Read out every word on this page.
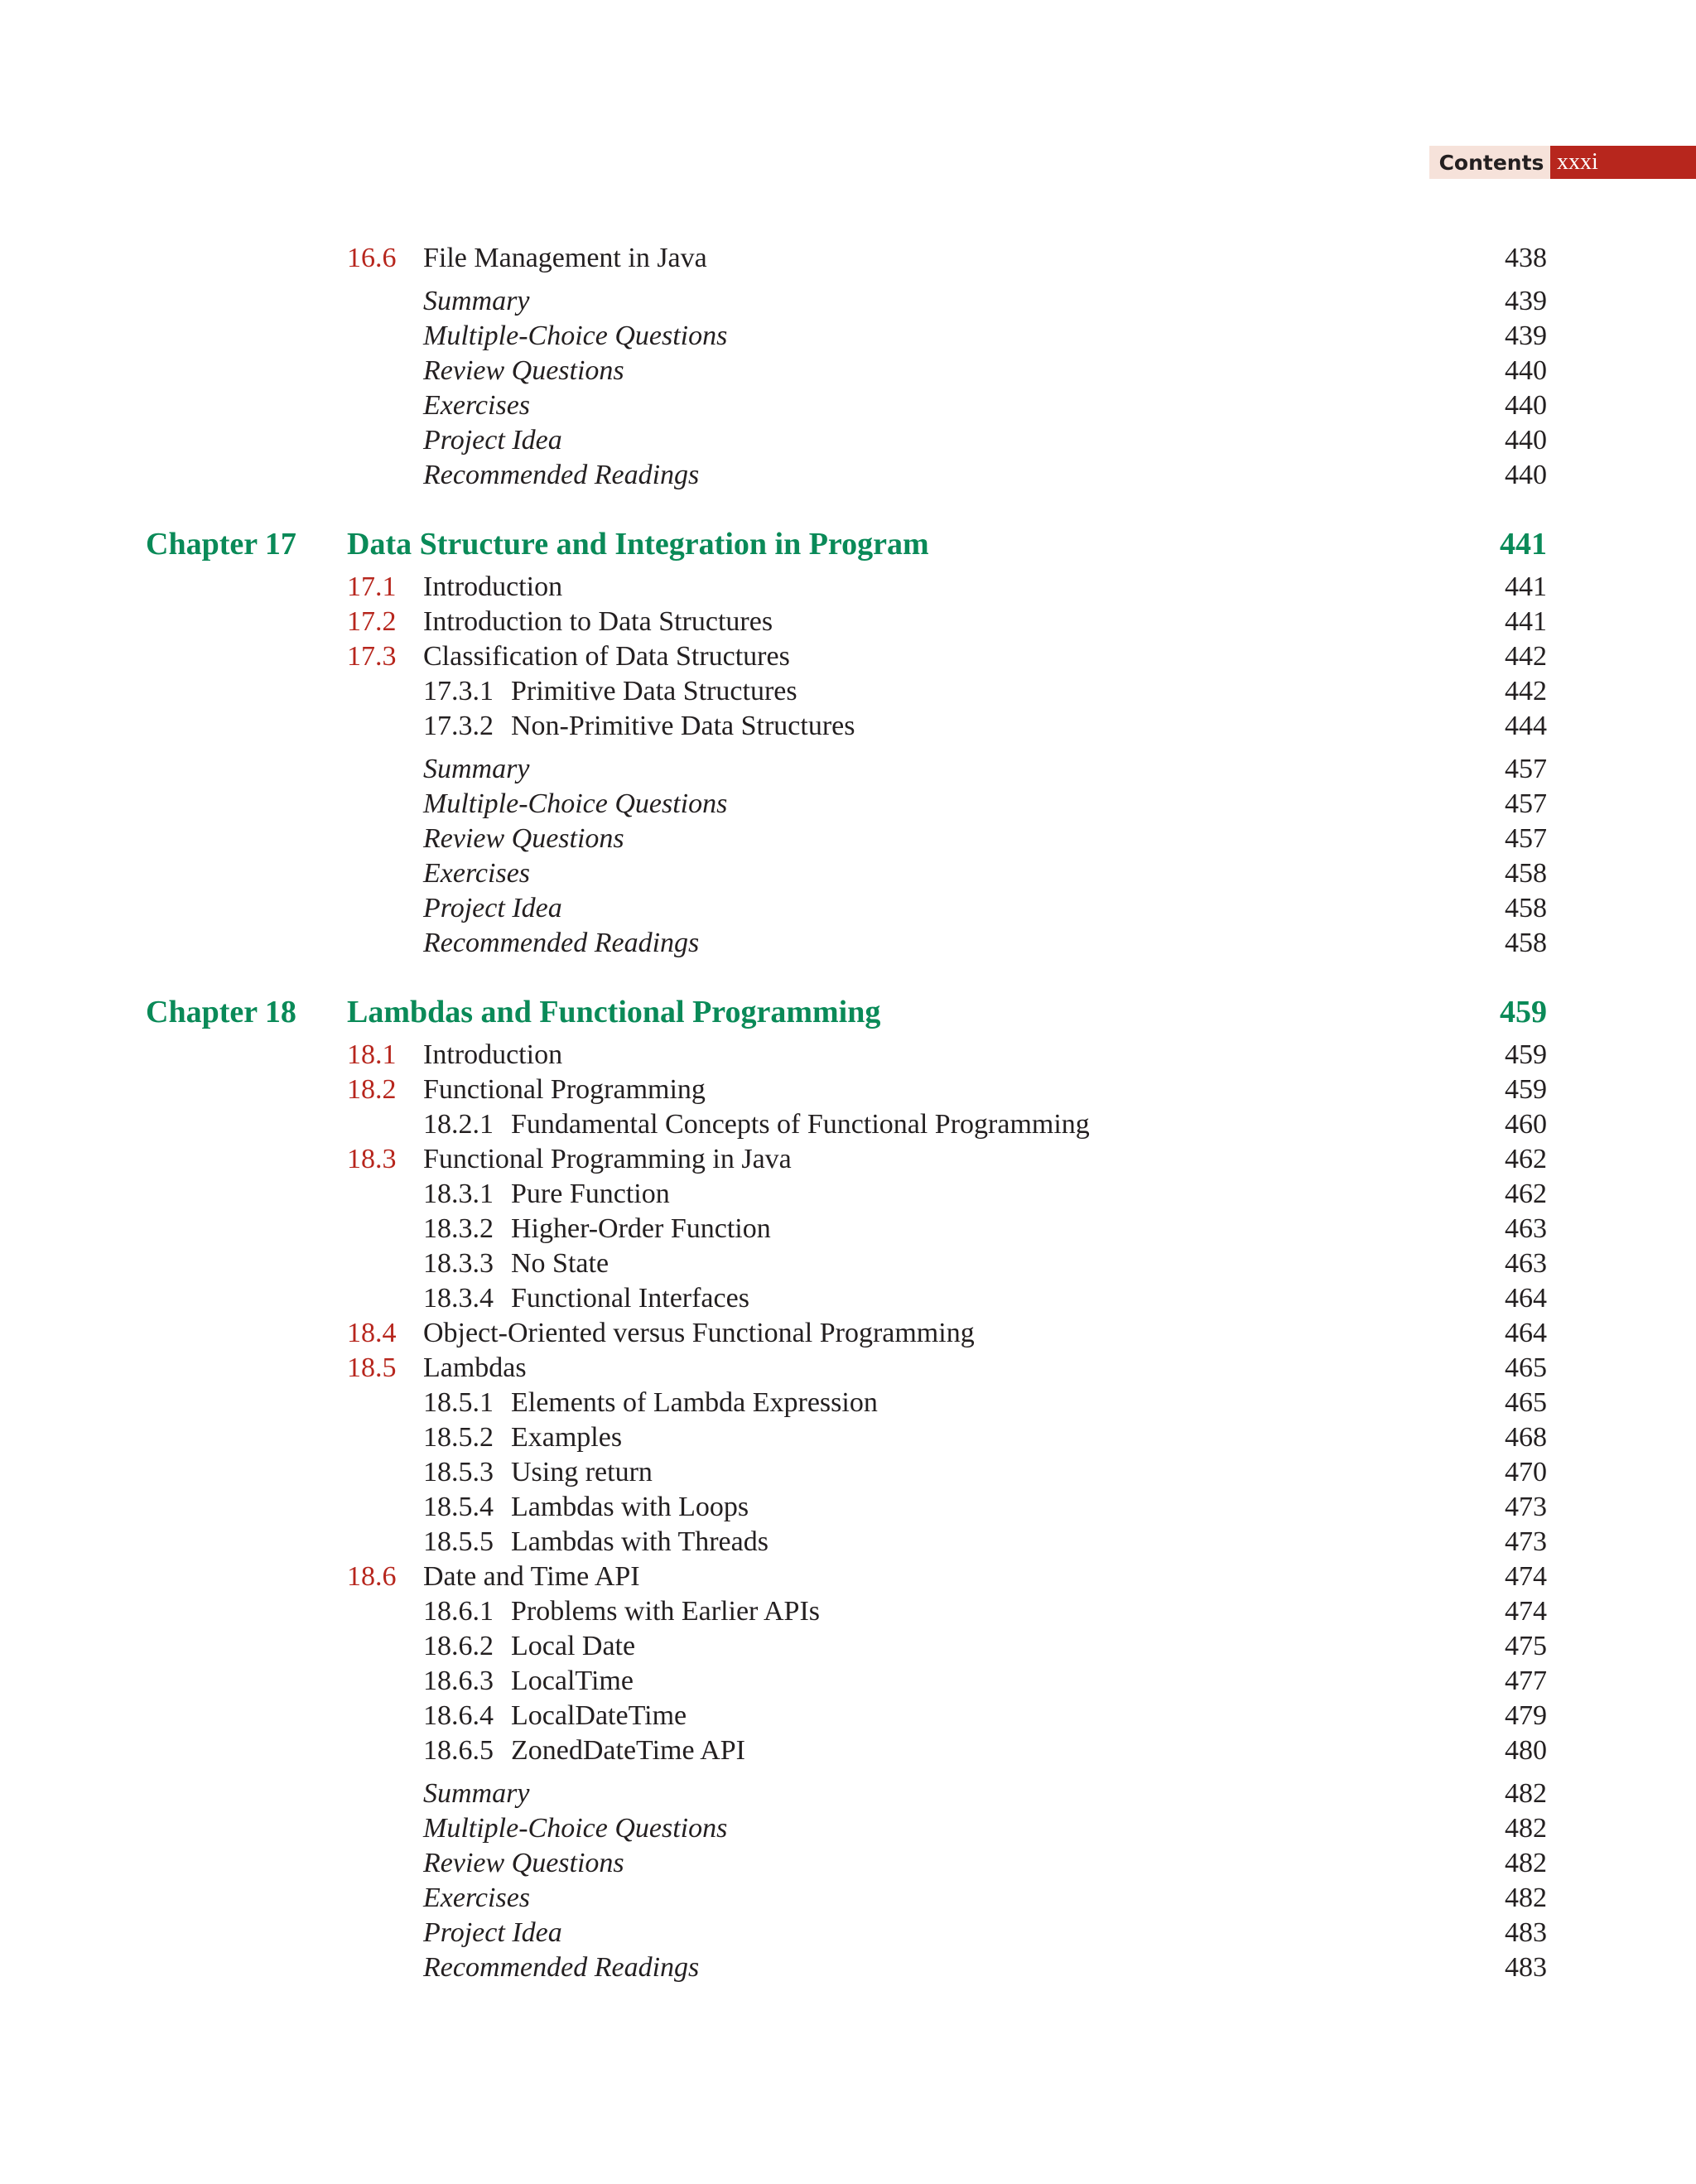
Contents xxxi
16.6 File Management in Java	438
Summary	439
Multiple-Choice Questions	439
Review Questions	440
Exercises	440
Project Idea	440
Recommended Readings	440
Chapter 17 Data Structure and Integration in Program	441
17.1 Introduction	441
17.2 Introduction to Data Structures	441
17.3 Classification of Data Structures	442
17.3.1 Primitive Data Structures	442
17.3.2 Non-Primitive Data Structures	444
Summary	457
Multiple-Choice Questions	457
Review Questions	457
Exercises	458
Project Idea	458
Recommended Readings	458
Chapter 18 Lambdas and Functional Programming	459
18.1 Introduction	459
18.2 Functional Programming	459
18.2.1 Fundamental Concepts of Functional Programming	460
18.3 Functional Programming in Java	462
18.3.1 Pure Function	462
18.3.2 Higher-Order Function	463
18.3.3 No State	463
18.3.4 Functional Interfaces	464
18.4 Object-Oriented versus Functional Programming	464
18.5 Lambdas	465
18.5.1 Elements of Lambda Expression	465
18.5.2 Examples	468
18.5.3 Using return	470
18.5.4 Lambdas with Loops	473
18.5.5 Lambdas with Threads	473
18.6 Date and Time API	474
18.6.1 Problems with Earlier APIs	474
18.6.2 Local Date	475
18.6.3 LocalTime	477
18.6.4 LocalDateTime	479
18.6.5 ZonedDateTime API	480
Summary	482
Multiple-Choice Questions	482
Review Questions	482
Exercises	482
Project Idea	483
Recommended Readings	483
